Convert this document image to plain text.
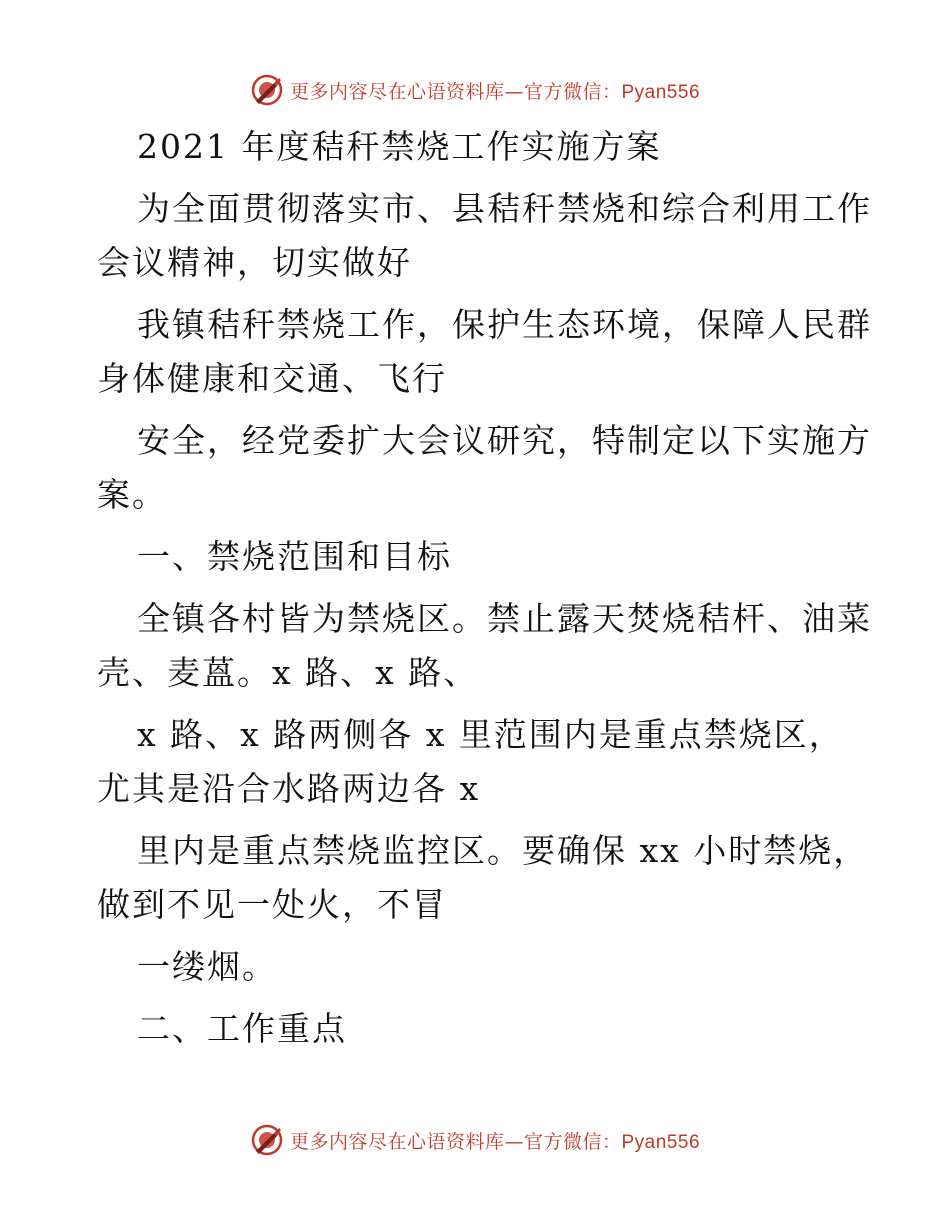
更多内容尽在心语资料库—官方微信：Pyan556
2021 年度秸秆禁烧工作实施方案
为全面贯彻落实市、县秸秆禁烧和综合利用工作
会议精神，切实做好
我镇秸秆禁烧工作，保护生态环境，保障人民群
身体健康和交通、飞行
安全，经党委扩大会议研究，特制定以下实施方
案。
一、禁烧范围和目标
全镇各村皆为禁烧区。禁止露天焚烧秸杆、油菜
壳、麦蒕。x 路、x 路、
x 路、x 路两侧各 x 里范围内是重点禁烧区，
尤其是沿合水路两边各 x
里内是重点禁烧监控区。要确保 xx 小时禁烧，
做到不见一处火，不冒
一缕烟。
二、工作重点
更多内容尽在心语资料库—官方微信：Pyan556
